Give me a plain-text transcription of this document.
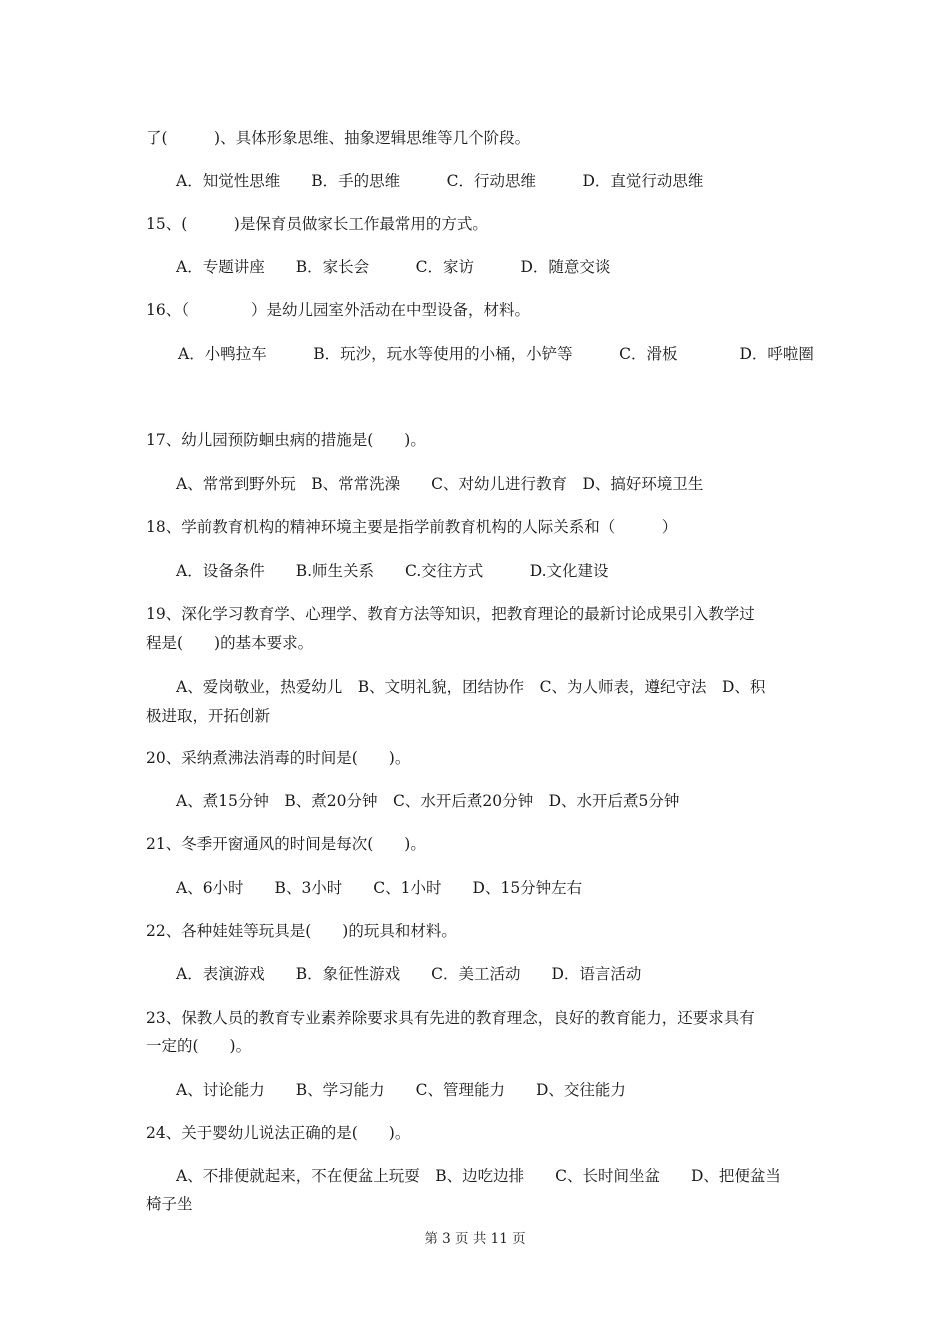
了(　　　)、具体形象思维、抽象逻辑思维等几个阶段。
A．知觉性思维　　B．手的思维　　　C．行动思维　　　D．直觉行动思维
15、(　　　)是保育员做家长工作最常用的方式。
A．专题讲座　　B．家长会　　　C．家访　　　D．随意交谈
16、（　　　　）是幼儿园室外活动在中型设备，材料。
A．小鸭拉车　　　B．玩沙，玩水等使用的小桶，小铲等　　　C．滑板　　　　D．呼啦圈
17、幼儿园预防蛔虫病的措施是(　　)。
A、常常到野外玩　B、常常洗澡　　C、对幼儿进行教育　D、搞好环境卫生
18、学前教育机构的精神环境主要是指学前教育机构的人际关系和（　　　）
A．设备条件　　B.师生关系　　C.交往方式　　　D.文化建设
19、深化学习教育学、心理学、教育方法等知识，把教育理论的最新讨论成果引入教学过
程是(　　)的基本要求。
A、爱岗敬业，热爱幼儿　B、文明礼貌，团结协作　C、为人师表，遵纪守法　D、积
极进取，开拓创新
20、采纳煮沸法消毒的时间是(　　)。
A、煮15分钟　B、煮20分钟　C、水开后煮20分钟　D、水开后煮5分钟
21、冬季开窗通风的时间是每次(　　)。
A、6小时　　B、3小时　　C、1小时　　D、15分钟左右
22、各种娃娃等玩具是(　　)的玩具和材料。
A．表演游戏　　B．象征性游戏　　C．美工活动　　D．语言活动
23、保教人员的教育专业素养除要求具有先进的教育理念，良好的教育能力，还要求具有
一定的(　　)。
A、讨论能力　　B、学习能力　　C、管理能力　　D、交往能力
24、关于婴幼儿说法正确的是(　　)。
A、不排便就起来，不在便盆上玩耍　B、边吃边排　　C、长时间坐盆　　D、把便盆当
椅子坐
第 3 页 共 11 页
